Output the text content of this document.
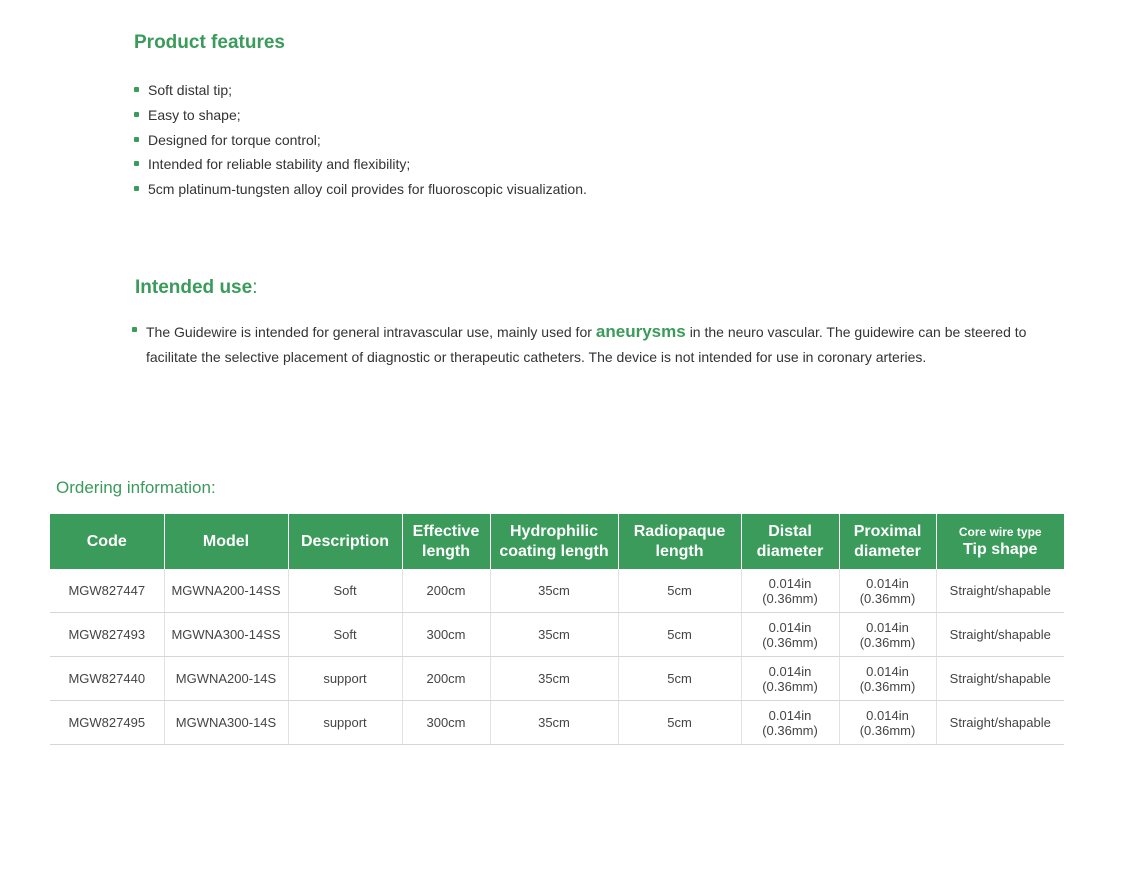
Product features
Soft distal tip;
Easy to shape;
Designed for torque control;
Intended for reliable stability and flexibility;
5cm platinum-tungsten alloy coil provides for fluoroscopic visualization.
Intended use:
The Guidewire is intended for general intravascular use, mainly used for aneurysms in the neuro vascular. The guidewire can be steered to facilitate the selective placement of diagnostic or therapeutic catheters. The device is not intended for use in coronary arteries.
Ordering information:
Code	Model	Description	Effective
length	Hydrophilic
coating length	Radiopaque
length	Distal
diameter	Proximal
diameter	Core wire type
Tip shape
MGW827447	MGWNA200-14SS	Soft	200cm	35cm	5cm	0.014in
(0.36mm)	0.014in
(0.36mm)	Straight/shapable
MGW827493	MGWNA300-14SS	Soft	300cm	35cm	5cm	0.014in
(0.36mm)	0.014in
(0.36mm)	Straight/shapable
MGW827440	MGWNA200-14S	support	200cm	35cm	5cm	0.014in
(0.36mm)	0.014in
(0.36mm)	Straight/shapable
MGW827495	MGWNA300-14S	support	300cm	35cm	5cm	0.014in
(0.36mm)	0.014in
(0.36mm)	Straight/shapable
